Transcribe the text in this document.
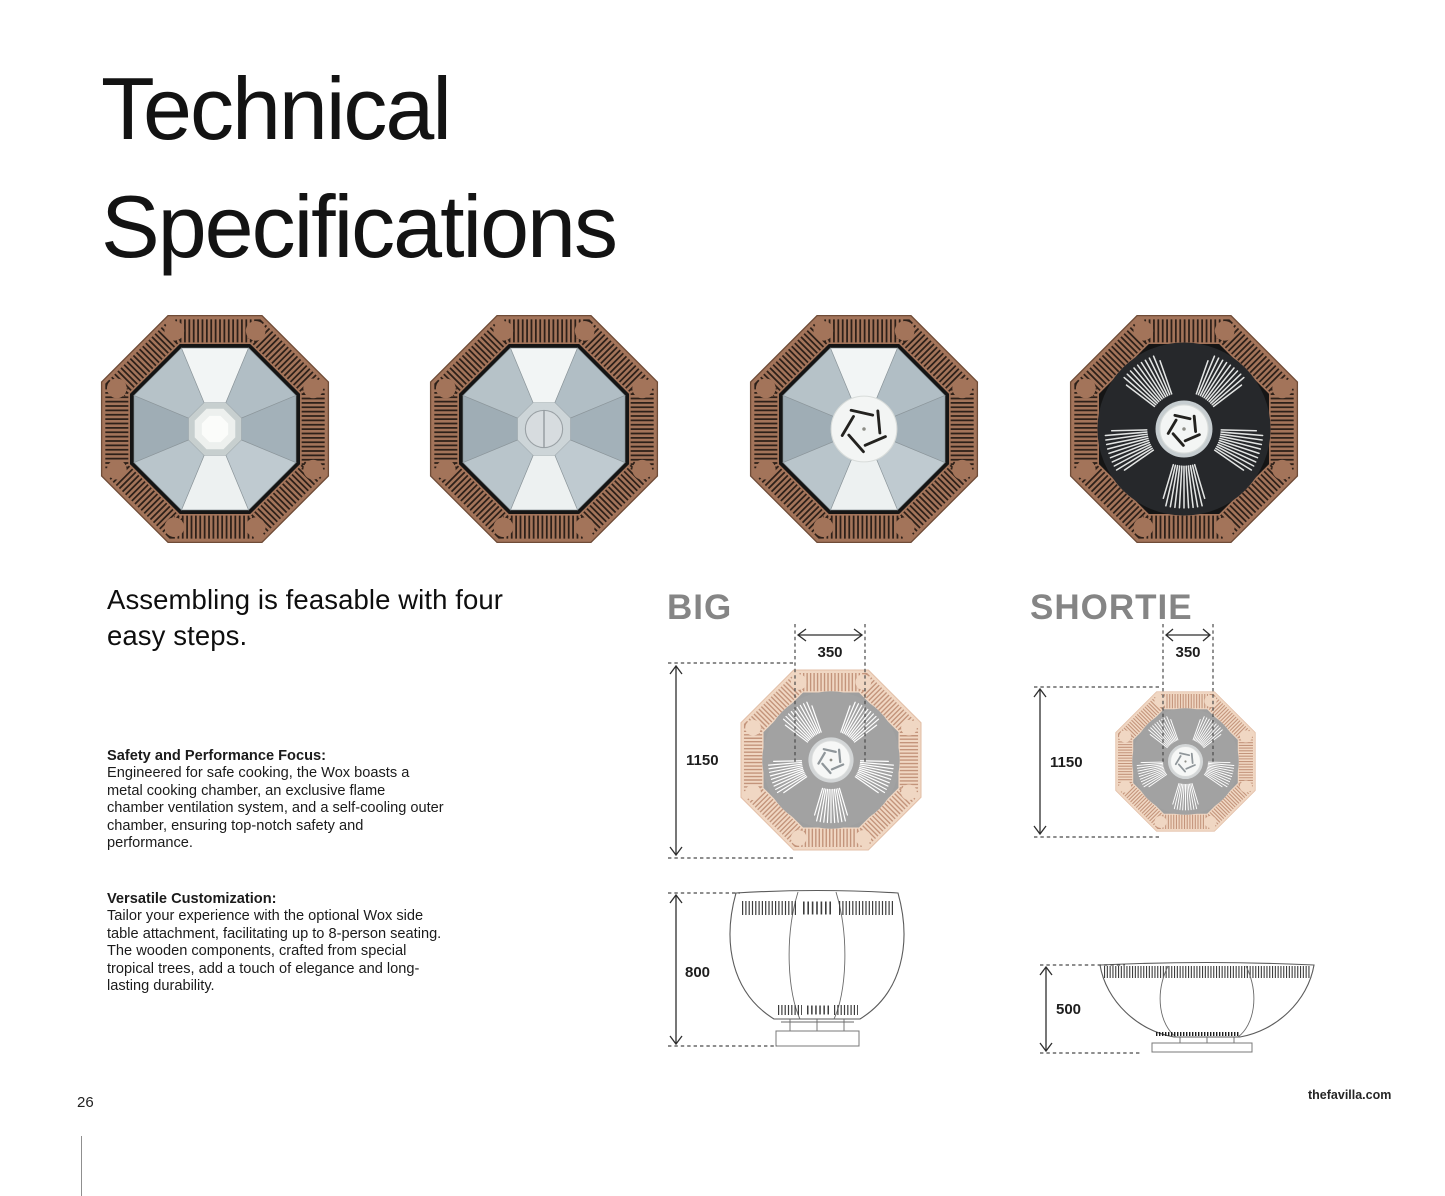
Technical
Specifications
Assembling is feasable with four easy steps.
Safety and Performance Focus:
Engineered for safe cooking, the Wox boasts a metal cooking chamber, an exclusive flame chamber ventilation system, and a self-cooling outer chamber, ensuring top-notch safety and performance.
Versatile Customization:
Tailor your experience with the optional Wox side table attachment, facilitating up to 8-person seating. The wooden components, crafted from special tropical trees, add a touch of elegance and long-lasting durability.
BIG	SHORTIE
350
1150
800
350
1150
500
26	thefavilla.com
